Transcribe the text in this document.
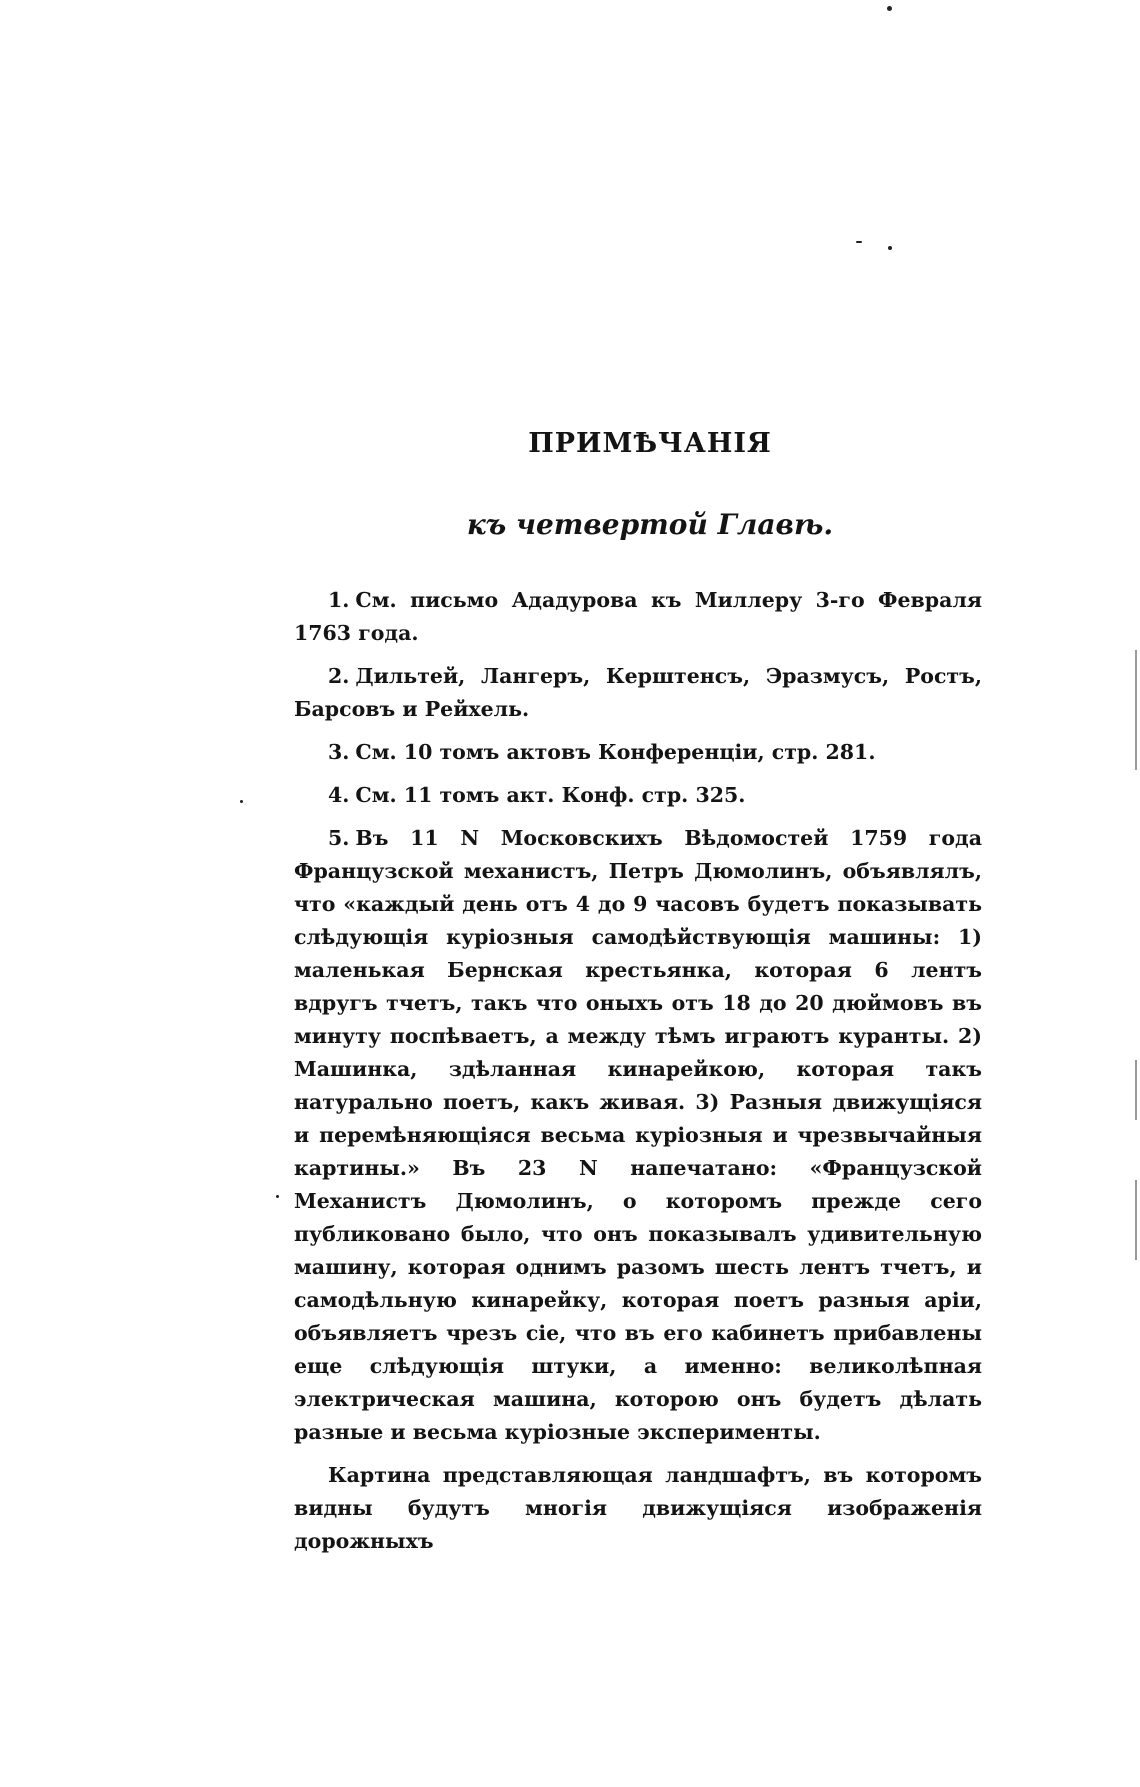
ПРИМѢЧАНІЯ
къ четвертой Главѣ.

1. См. письмо Ададурова къ Миллеру 3-го Февраля 1763 года.

2. Дильтей, Лангеръ, Керштенсъ, Эразмусъ, Ростъ, Барсовъ и Рейхель.

3. См. 10 томъ актовъ Конференціи, стр. 281.

4. См. 11 томъ акт. Конф. стр. 325.

5. Въ 11 N Московскихъ Вѣдомостей 1759 года Французской механистъ, Петръ Дюмолинъ, объявлялъ, что «каждый день отъ 4 до 9 часовъ будетъ показывать слѣдующія куріозныя самодѣйствующія машины: 1) маленькая Бернская крестьянка, которая 6 лентъ вдругъ тчетъ, такъ что оныхъ отъ 18 до 20 дюймовъ въ минуту поспѣваетъ, а между тѣмъ играютъ куранты. 2) Машинка, здѣланная кинарейкою, которая такъ натурально поетъ, какъ живая. 3) Разныя движущіяся и перемѣняющіяся весьма куріозныя и чрезвычайныя картины.» Въ 23 N напечатано: «Французской Механистъ Дюмолинъ, о которомъ прежде сего публиковано было, что онъ показывалъ удивительную машину, которая однимъ разомъ шесть лентъ тчетъ, и самодѣльную кинарейку, которая поетъ разныя аріи, объявляетъ чрезъ сіе, что въ его кабинетъ прибавлены еще слѣдующія штуки, а именно: великолѣпная электрическая машина, которою онъ будетъ дѣлать разные и весьма куріозные эксперименты.

Картина представляющая ландшафтъ, въ которомъ видны будутъ многія движущіяся изображенія дорожныхъ
